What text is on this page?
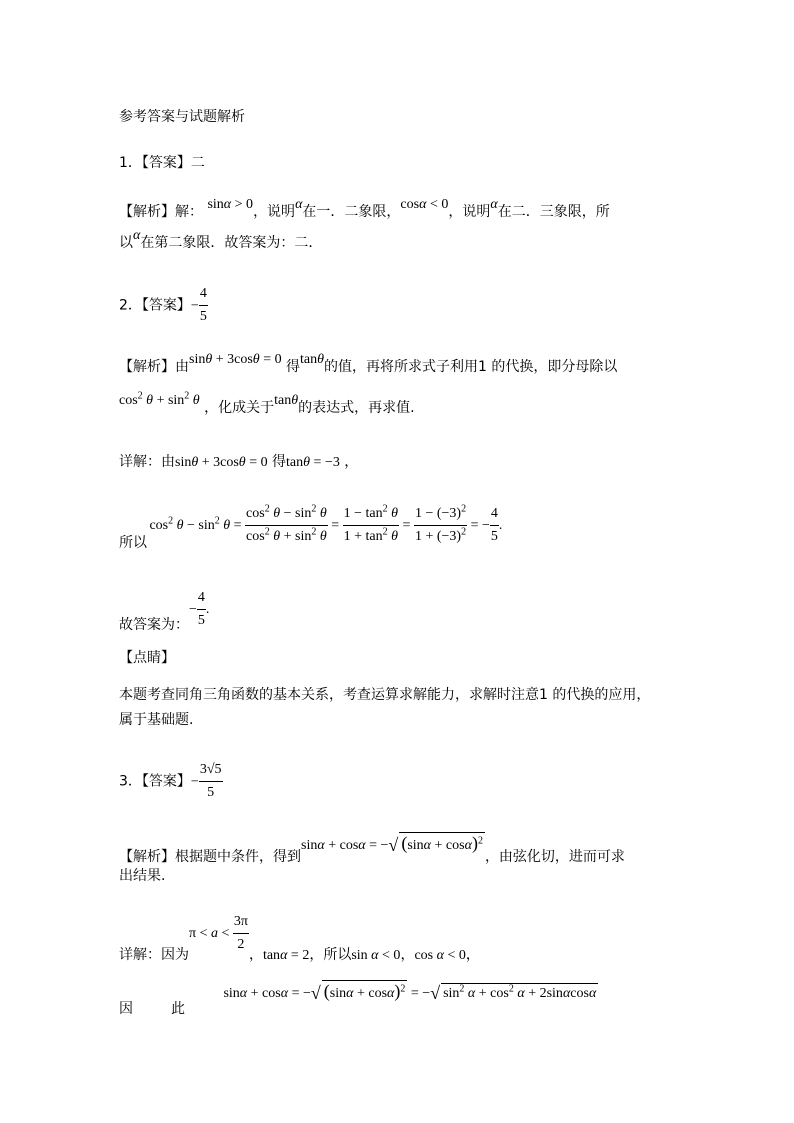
参考答案与试题解析
1．【答案】二
【解析】解： sinα > 0，说明α在一．二象限，cosα < 0，说明α在二．三象限，所
以α在第二象限．故答案为：二．
2．【答案】− $\frac{4}{5}$
【解析】由sinθ + 3cosθ = 0 得tanθ的值，再将所求式子利用1 的代换，即分母除以
$\cos^2 \theta + \sin^2 \theta$ ，化成关于tanθ的表达式，再求值.
详解：由sinθ + 3cosθ = 0 得tanθ = −3 ，
所以 $\cos^2 \theta - \sin^2 \theta = \frac{\cos^2 \theta - \sin^2 \theta}{\cos^2 \theta + \sin^2 \theta} = \frac{1 - \tan^2 \theta}{1 + \tan^2 \theta} = \frac{1 - (-3)^2}{1 + (-3)^2}$ = − $\frac{4}{5}$ .
故答案为：− $\frac{4}{5}$ .
【点睛】
本题考查同角三角函数的基本关系，考查运算求解能力，求解时注意1 的代换的应用，
属于基础题.
3．【答案】− $\frac{3√5}{5}$
【解析】根据题中条件，得到sinα + cosα = −√ $(\sin\alpha + \cos\alpha)^2$，由弦化切，进而可求
出结果.
详解：因为$\pi < a < \frac{3\pi}{2}$ ，tanα = 2，所以sin α < 0，cos α < 0，
因	此 sinα + cosα = −√ $(\sin\alpha + \cos\alpha)^2$ = −√ $\sin^2 \alpha + \cos^2 \alpha + 2\sin\alpha\cos\alpha$
